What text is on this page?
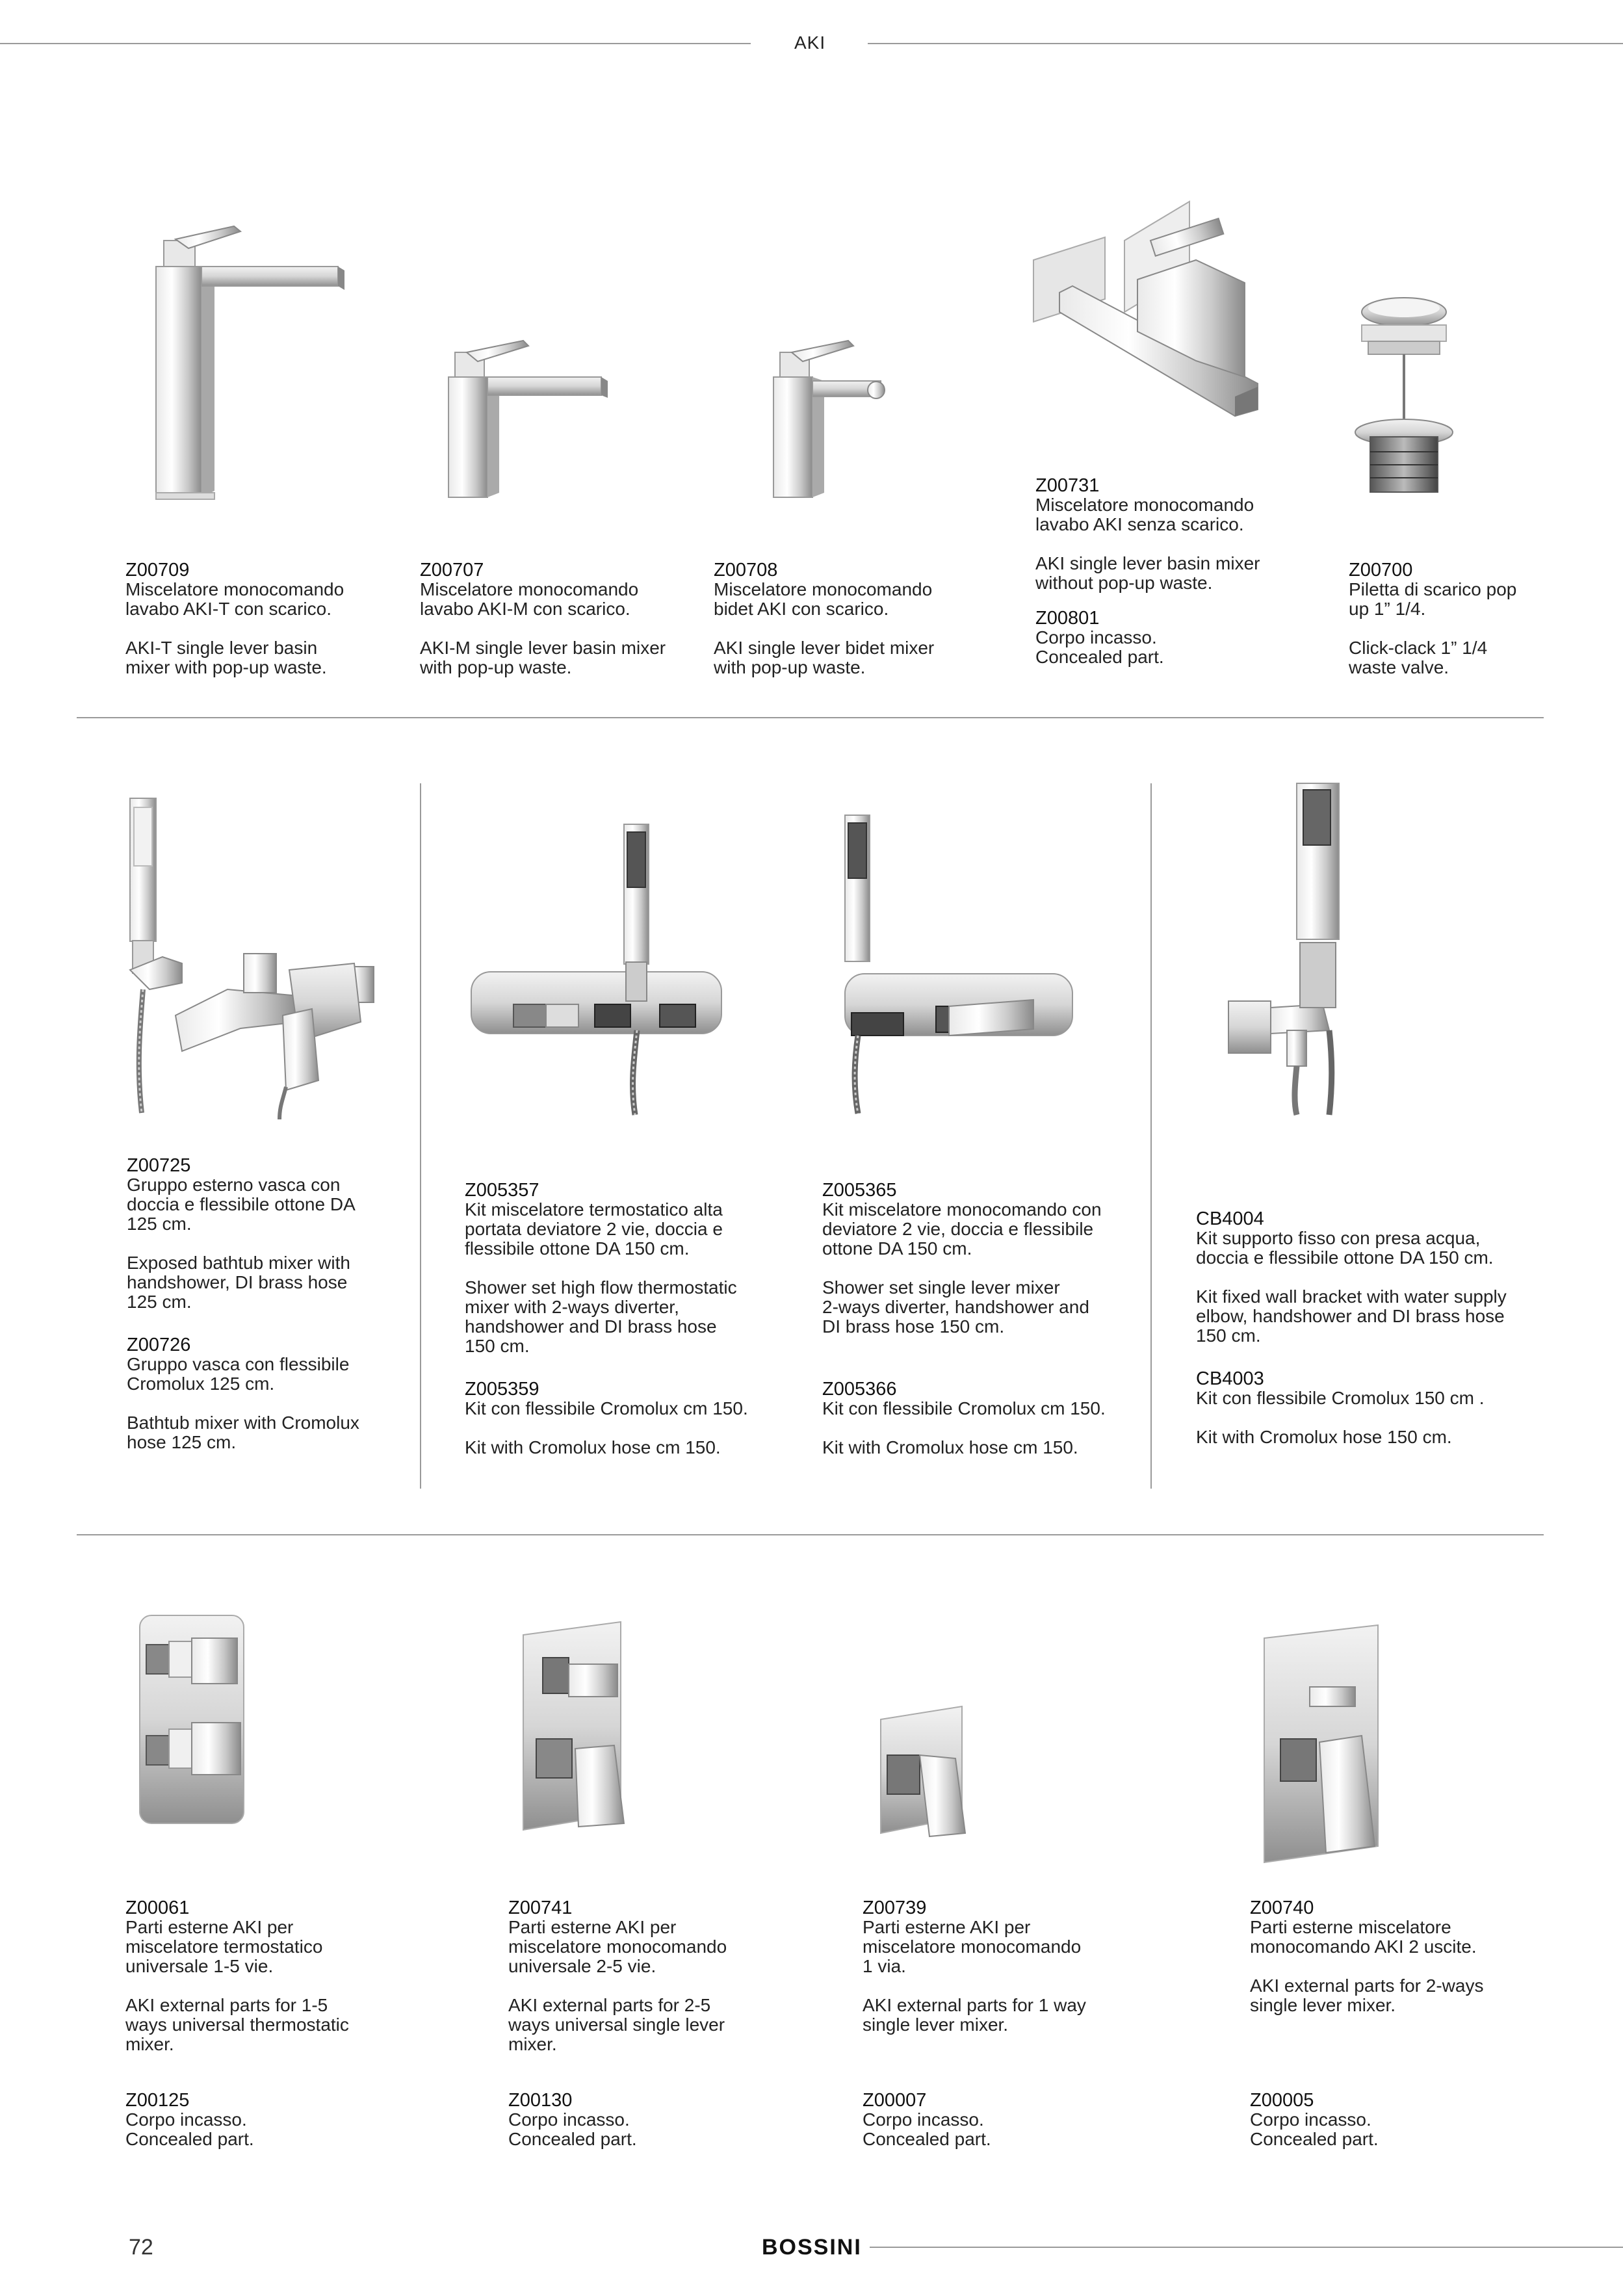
AKI
Z00709
Miscelatore monocomando
lavabo AKI-T con scarico.
AKI-T single lever basin
mixer with pop-up waste.
Z00707
Miscelatore monocomando
lavabo AKI-M con scarico.
AKI-M single lever basin mixer
with pop-up waste.
Z00708
Miscelatore monocomando
bidet AKI con scarico.
AKI single lever bidet mixer
with pop-up waste.
Z00731
Miscelatore monocomando
lavabo AKI senza scarico.
AKI single lever basin mixer
without pop-up waste.
Z00801
Corpo incasso.
Concealed part.
Z00700
Piletta di scarico pop
up 1” 1/4.
Click-clack 1” 1/4
waste valve.
Z00725
Gruppo esterno vasca con
doccia e flessibile ottone DA
125 cm.
Exposed bathtub mixer with
handshower, DI brass hose
125 cm.
Z00726
Gruppo vasca con flessibile
Cromolux 125 cm.
Bathtub mixer with Cromolux
hose 125 cm.
Z005357
Kit miscelatore termostatico alta
portata deviatore 2 vie, doccia e
flessibile ottone DA 150 cm.
Shower set high flow thermostatic
mixer with 2-ways diverter,
handshower and DI brass hose
150 cm.
Z005359
Kit con flessibile Cromolux cm 150.
Kit with Cromolux hose cm 150.
Z005365
Kit miscelatore monocomando con
deviatore 2 vie, doccia e flessibile
ottone DA 150 cm.
Shower set single lever mixer
2-ways diverter, handshower and
DI brass hose 150 cm.
Z005366
Kit con flessibile Cromolux cm 150.
Kit with Cromolux hose cm 150.
CB4004
Kit supporto fisso con presa acqua,
doccia e flessibile ottone DA 150 cm.
Kit fixed wall bracket with water supply
elbow, handshower and DI brass hose
150 cm.
CB4003
Kit con flessibile Cromolux 150 cm .
Kit with Cromolux hose 150 cm.
Z00061
Parti esterne AKI per
miscelatore termostatico
universale 1-5 vie.
AKI external parts for 1-5
ways universal thermostatic
mixer.
Z00125
Corpo incasso.
Concealed part.
Z00741
Parti esterne AKI per
miscelatore monocomando
universale 2-5 vie.
AKI external parts for 2-5
ways universal single lever
mixer.
Z00130
Corpo incasso.
Concealed part.
Z00739
Parti esterne AKI per
miscelatore monocomando
1 via.
AKI external parts for 1 way
single lever mixer.
Z00007
Corpo incasso.
Concealed part.
Z00740
Parti esterne miscelatore
monocomando AKI 2 uscite.
AKI external parts for 2-ways
single lever mixer.
Z00005
Corpo incasso.
Concealed part.
72	BOSSINI
